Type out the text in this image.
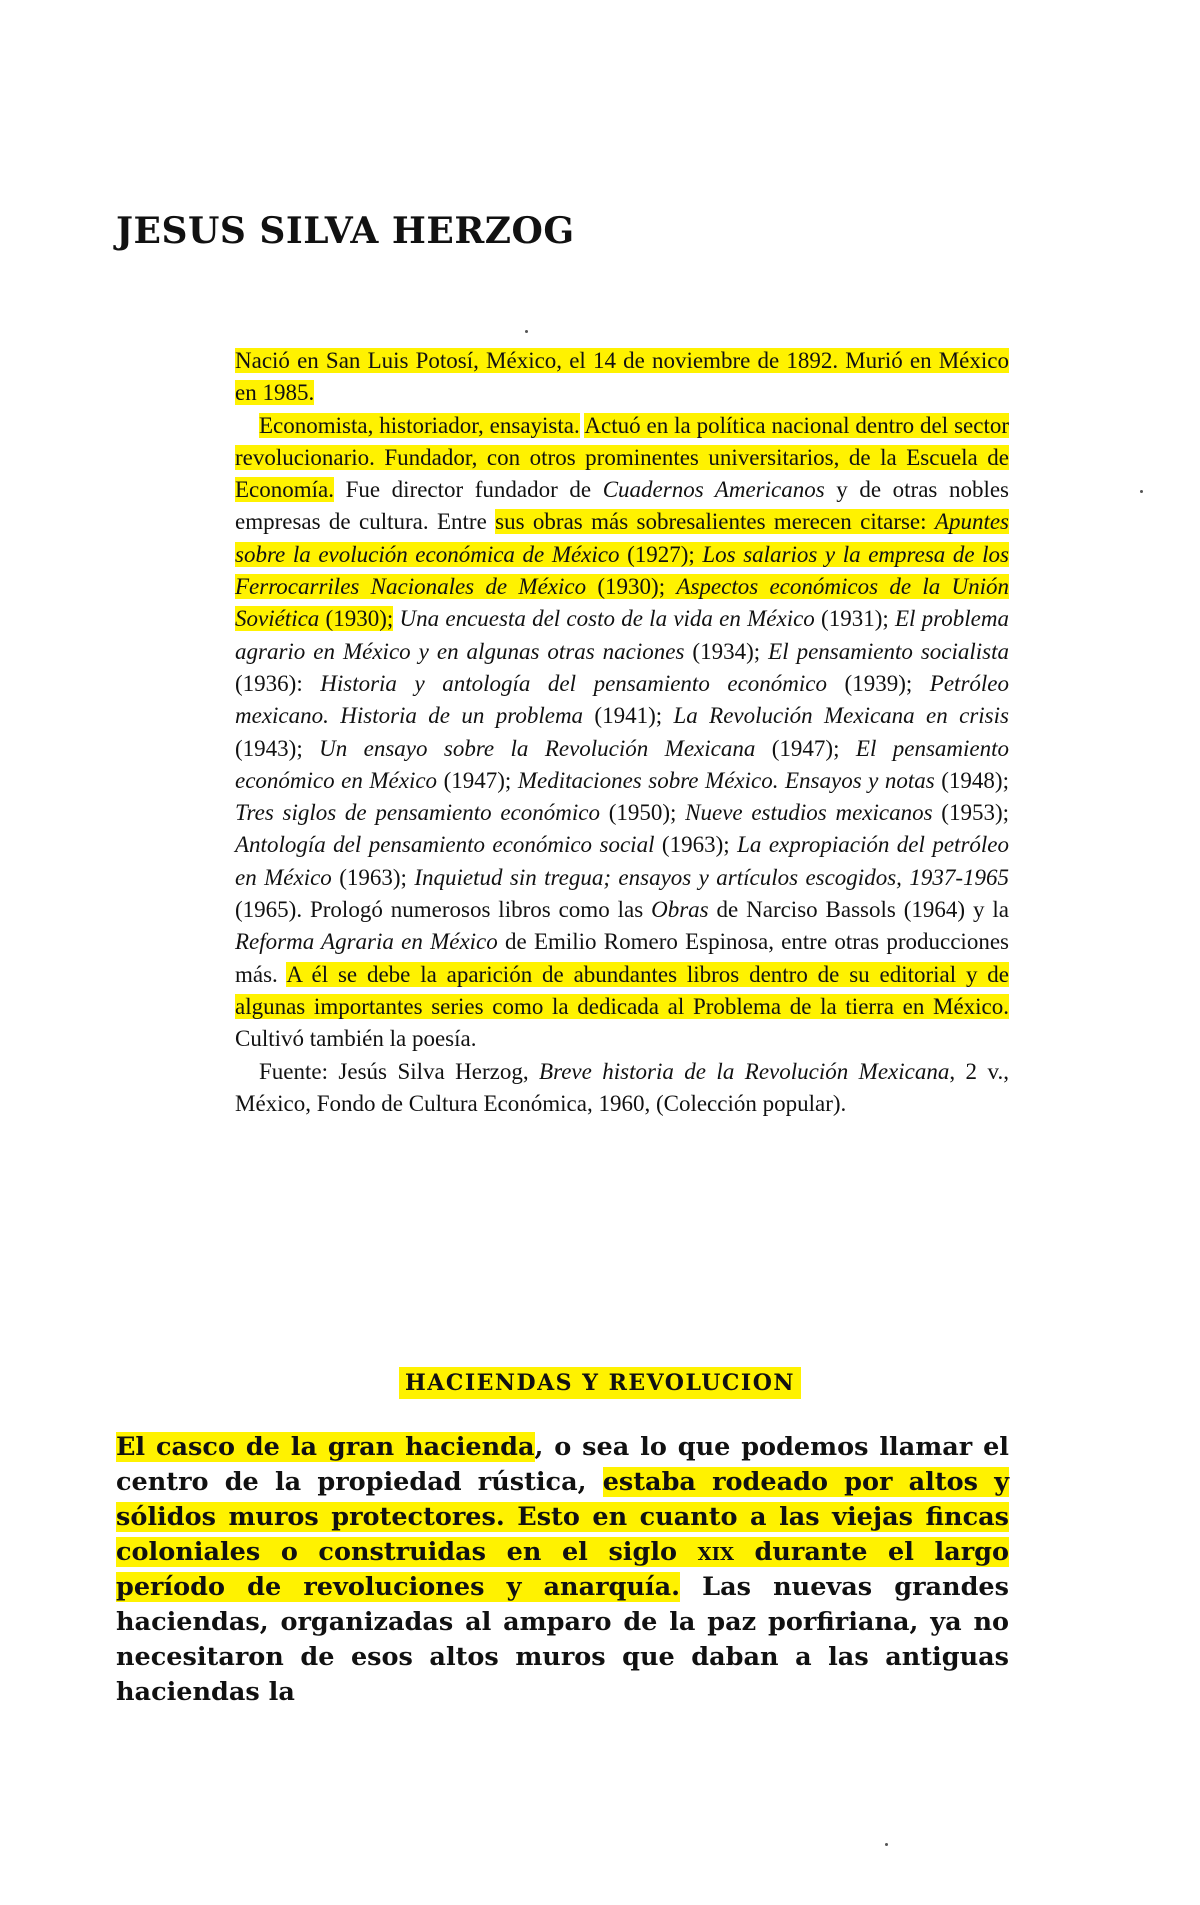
JESUS SILVA HERZOG

Nació en San Luis Potosí, México, el 14 de noviembre de 1892. Murió en México en 1985.

Economista, historiador, ensayista. Actuó en la política nacional dentro del sector revolucionario. Fundador, con otros prominentes universitarios, de la Escuela de Economía. Fue director fundador de Cuadernos Americanos y de otras nobles empresas de cultura. Entre sus obras más sobresalientes merecen citarse: Apuntes sobre la evolución económica de México (1927); Los salarios y la empresa de los Ferrocarriles Nacionales de México (1930); Aspectos económicos de la Unión Soviética (1930); Una encuesta del costo de la vida en México (1931); El problema agrario en México y en algunas otras naciones (1934); El pensamiento socialista (1936): Historia y antología del pensamiento económico (1939); Petróleo mexicano. Historia de un problema (1941); La Revolución Mexicana en crisis (1943); Un ensayo sobre la Revolución Mexicana (1947); El pensamiento económico en México (1947); Meditaciones sobre México. Ensayos y notas (1948); Tres siglos de pensamiento económico (1950); Nueve estudios mexicanos (1953); Antología del pensamiento económico social (1963); La expropiación del petróleo en México (1963); Inquietud sin tregua; ensayos y artículos escogidos, 1937-1965 (1965). Prologó numerosos libros como las Obras de Narciso Bassols (1964) y la Reforma Agraria en México de Emilio Romero Espinosa, entre otras producciones más. A él se debe la aparición de abundantes libros dentro de su editorial y de algunas importantes series como la dedicada al Problema de la tierra en México. Cultivó también la poesía.

Fuente: Jesús Silva Herzog, Breve historia de la Revolución Mexicana, 2 v., México, Fondo de Cultura Económica, 1960, (Colección popular).

HACIENDAS Y REVOLUCION

El casco de la gran hacienda, o sea lo que podemos llamar el centro de la propiedad rústica, estaba rodeado por altos y sólidos muros protectores. Esto en cuanto a las viejas fincas coloniales o construidas en el siglo xix durante el largo período de revoluciones y anarquía. Las nuevas grandes haciendas, organizadas al amparo de la paz porfiriana, ya no necesitaron de esos altos muros que daban a las antiguas haciendas la
